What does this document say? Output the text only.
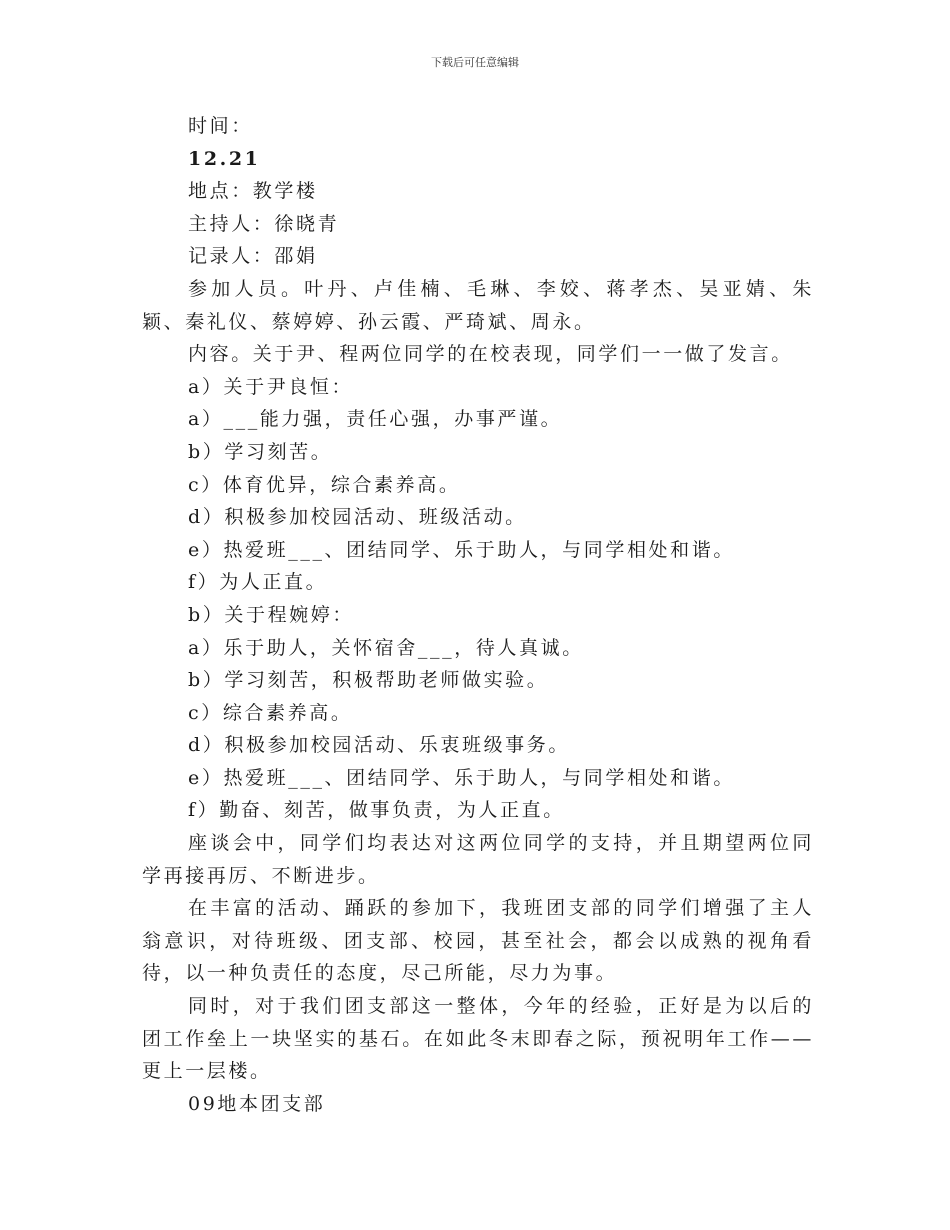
下载后可任意编辑
时间：
12.21
地点：教学楼
主持人：徐晓青
记录人：邵娟
参加人员。叶丹、卢佳楠、毛琳、李姣、蒋孝杰、吴亚婧、朱颖、秦礼仪、蔡婷婷、孙云霞、严琦斌、周永。
内容。关于尹、程两位同学的在校表现，同学们一一做了发言。
a）关于尹良恒：
a）___能力强，责任心强，办事严谨。
b）学习刻苦。
c）体育优异，综合素养高。
d）积极参加校园活动、班级活动。
e）热爱班___、团结同学、乐于助人，与同学相处和谐。
f）为人正直。
b）关于程婉婷：
a）乐于助人，关怀宿舍___，待人真诚。
b）学习刻苦，积极帮助老师做实验。
c）综合素养高。
d）积极参加校园活动、乐衷班级事务。
e）热爱班___、团结同学、乐于助人，与同学相处和谐。
f）勤奋、刻苦，做事负责，为人正直。
座谈会中，同学们均表达对这两位同学的支持，并且期望两位同学再接再厉、不断进步。
在丰富的活动、踊跃的参加下，我班团支部的同学们增强了主人翁意识，对待班级、团支部、校园，甚至社会，都会以成熟的视角看待，以一种负责任的态度，尽己所能，尽力为事。
同时，对于我们团支部这一整体，今年的经验，正好是为以后的团工作垒上一块坚实的基石。在如此冬末即春之际，预祝明年工作——更上一层楼。
09地本团支部
